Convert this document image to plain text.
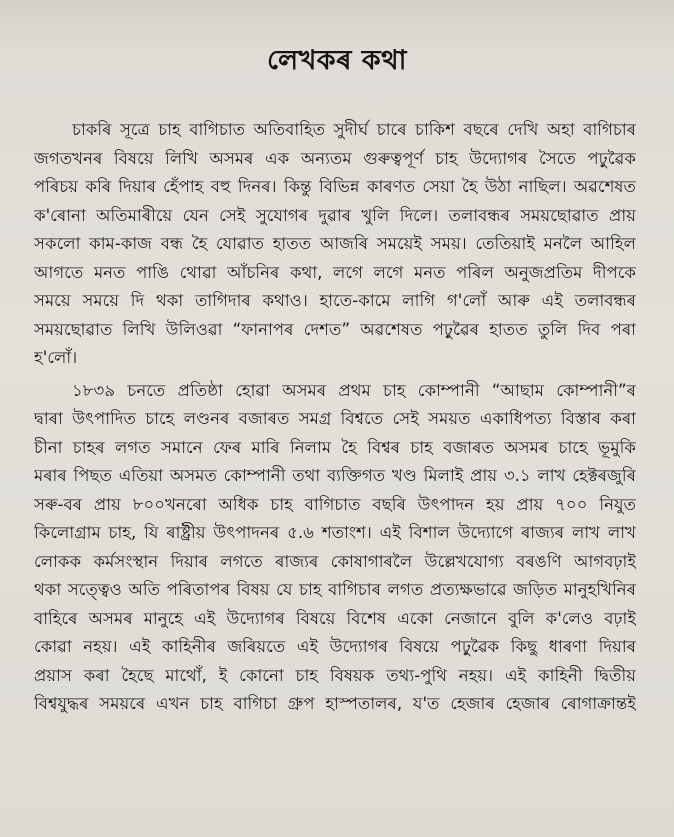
লেখকৰ কথা
চাকৰি সূত্ৰে চাহ বাগিচাত অতিবাহিত সুদীৰ্ঘ চাৰে চাকিশ বছৰে দেখি অহা বাগিচাৰ
জগতখনৰ বিষয়ে লিখি অসমৰ এক অন্যতম গুৰুত্বপূৰ্ণ চাহ উদ্যোগৰ সৈতে পঢ়ুৱৈক
পৰিচয় কৰি দিয়াৰ হেঁপাহ বহু দিনৰ। কিন্তু বিভিন্ন কাৰণত সেয়া হৈ উঠা নাছিল। অৱশেষত
ক'ৰোনা অতিমাৰীয়ে যেন সেই সুযোগৰ দুৱাৰ খুলি দিলে। তলাবন্ধৰ সময়ছোৱাত প্ৰায়
সকলো কাম-কাজ বন্ধ হৈ যোৱাত হাতত আজৰি সময়েই সময়। তেতিয়াই মনলৈ আহিল
আগতে মনত পাঙি থোৱা আঁচনিৰ কথা, লগে লগে মনত পৰিল অনুজপ্ৰতিম দীপকে
সময়ে সময়ে দি থকা তাগিদাৰ কথাও। হাতে-কামে লাগি গ'লোঁ আৰু এই তলাবন্ধৰ
সময়ছোৱাত লিখি উলিওৱা “ফানাপৰ দেশত” অৱশেষত পঢ়ুৱৈৰ হাতত তুলি দিব পৰা
হ'লোঁ।
১৮৩৯ চনতে প্ৰতিষ্ঠা হোৱা অসমৰ প্ৰথম চাহ কোম্পানী “আছাম কোম্পানী”ৰ
দ্বাৰা উৎপাদিত চাহে লণ্ডনৰ বজাৰত সমগ্ৰ বিশ্বতে সেই সময়ত একাধিপত্য বিস্তাৰ কৰা
চীনা চাহৰ লগত সমানে ফেৰ মাৰি নিলাম হৈ বিশ্বৰ চাহ বজাৰত অসমৰ চাহে ভূমুকি
মৰাৰ পিছত এতিয়া অসমত কোম্পানী তথা ব্যক্তিগত খণ্ড মিলাই প্ৰায় ৩.১ লাখ হেক্টৰজুৰি
সৰু-বৰ প্ৰায় ৮০০খনৰো অধিক চাহ বাগিচাত বছৰি উৎপাদন হয় প্ৰায় ৭০০ নিযুত
কিলোগ্ৰাম চাহ, যি ৰাষ্ট্ৰীয় উৎপাদনৰ ৫.৬ শতাংশ। এই বিশাল উদ্যোগে ৰাজ্যৰ লাখ লাখ
লোকক কৰ্মসংস্থান দিয়াৰ লগতে ৰাজ্যৰ কোষাগাৰলৈ উল্লেখযোগ্য বৰঙণি আগবঢ়াই
থকা সত্ত্বেও অতি পৰিতাপৰ বিষয় যে চাহ বাগিচাৰ লগত প্ৰত্যক্ষভাৱে জড়িত মানুহখিনিৰ
বাহিৰে অসমৰ মানুহে এই উদ্যোগৰ বিষয়ে বিশেষ একো নেজানে বুলি ক'লেও বঢ়াই
কোৱা নহয়। এই কাহিনীৰ জৰিয়তে এই উদ্যোগৰ বিষয়ে পঢ়ুৱৈক কিছু ধাৰণা দিয়াৰ
প্ৰয়াস কৰা হৈছে মাথোঁ, ই কোনো চাহ বিষয়ক তথ্য-পুথি নহয়। এই কাহিনী দ্বিতীয়
বিশ্বযুদ্ধৰ সময়ৰে এখন চাহ বাগিচা গ্ৰুপ হাস্পতালৰ, য'ত হেজাৰ হেজাৰ ৰোগাক্ৰান্তই
